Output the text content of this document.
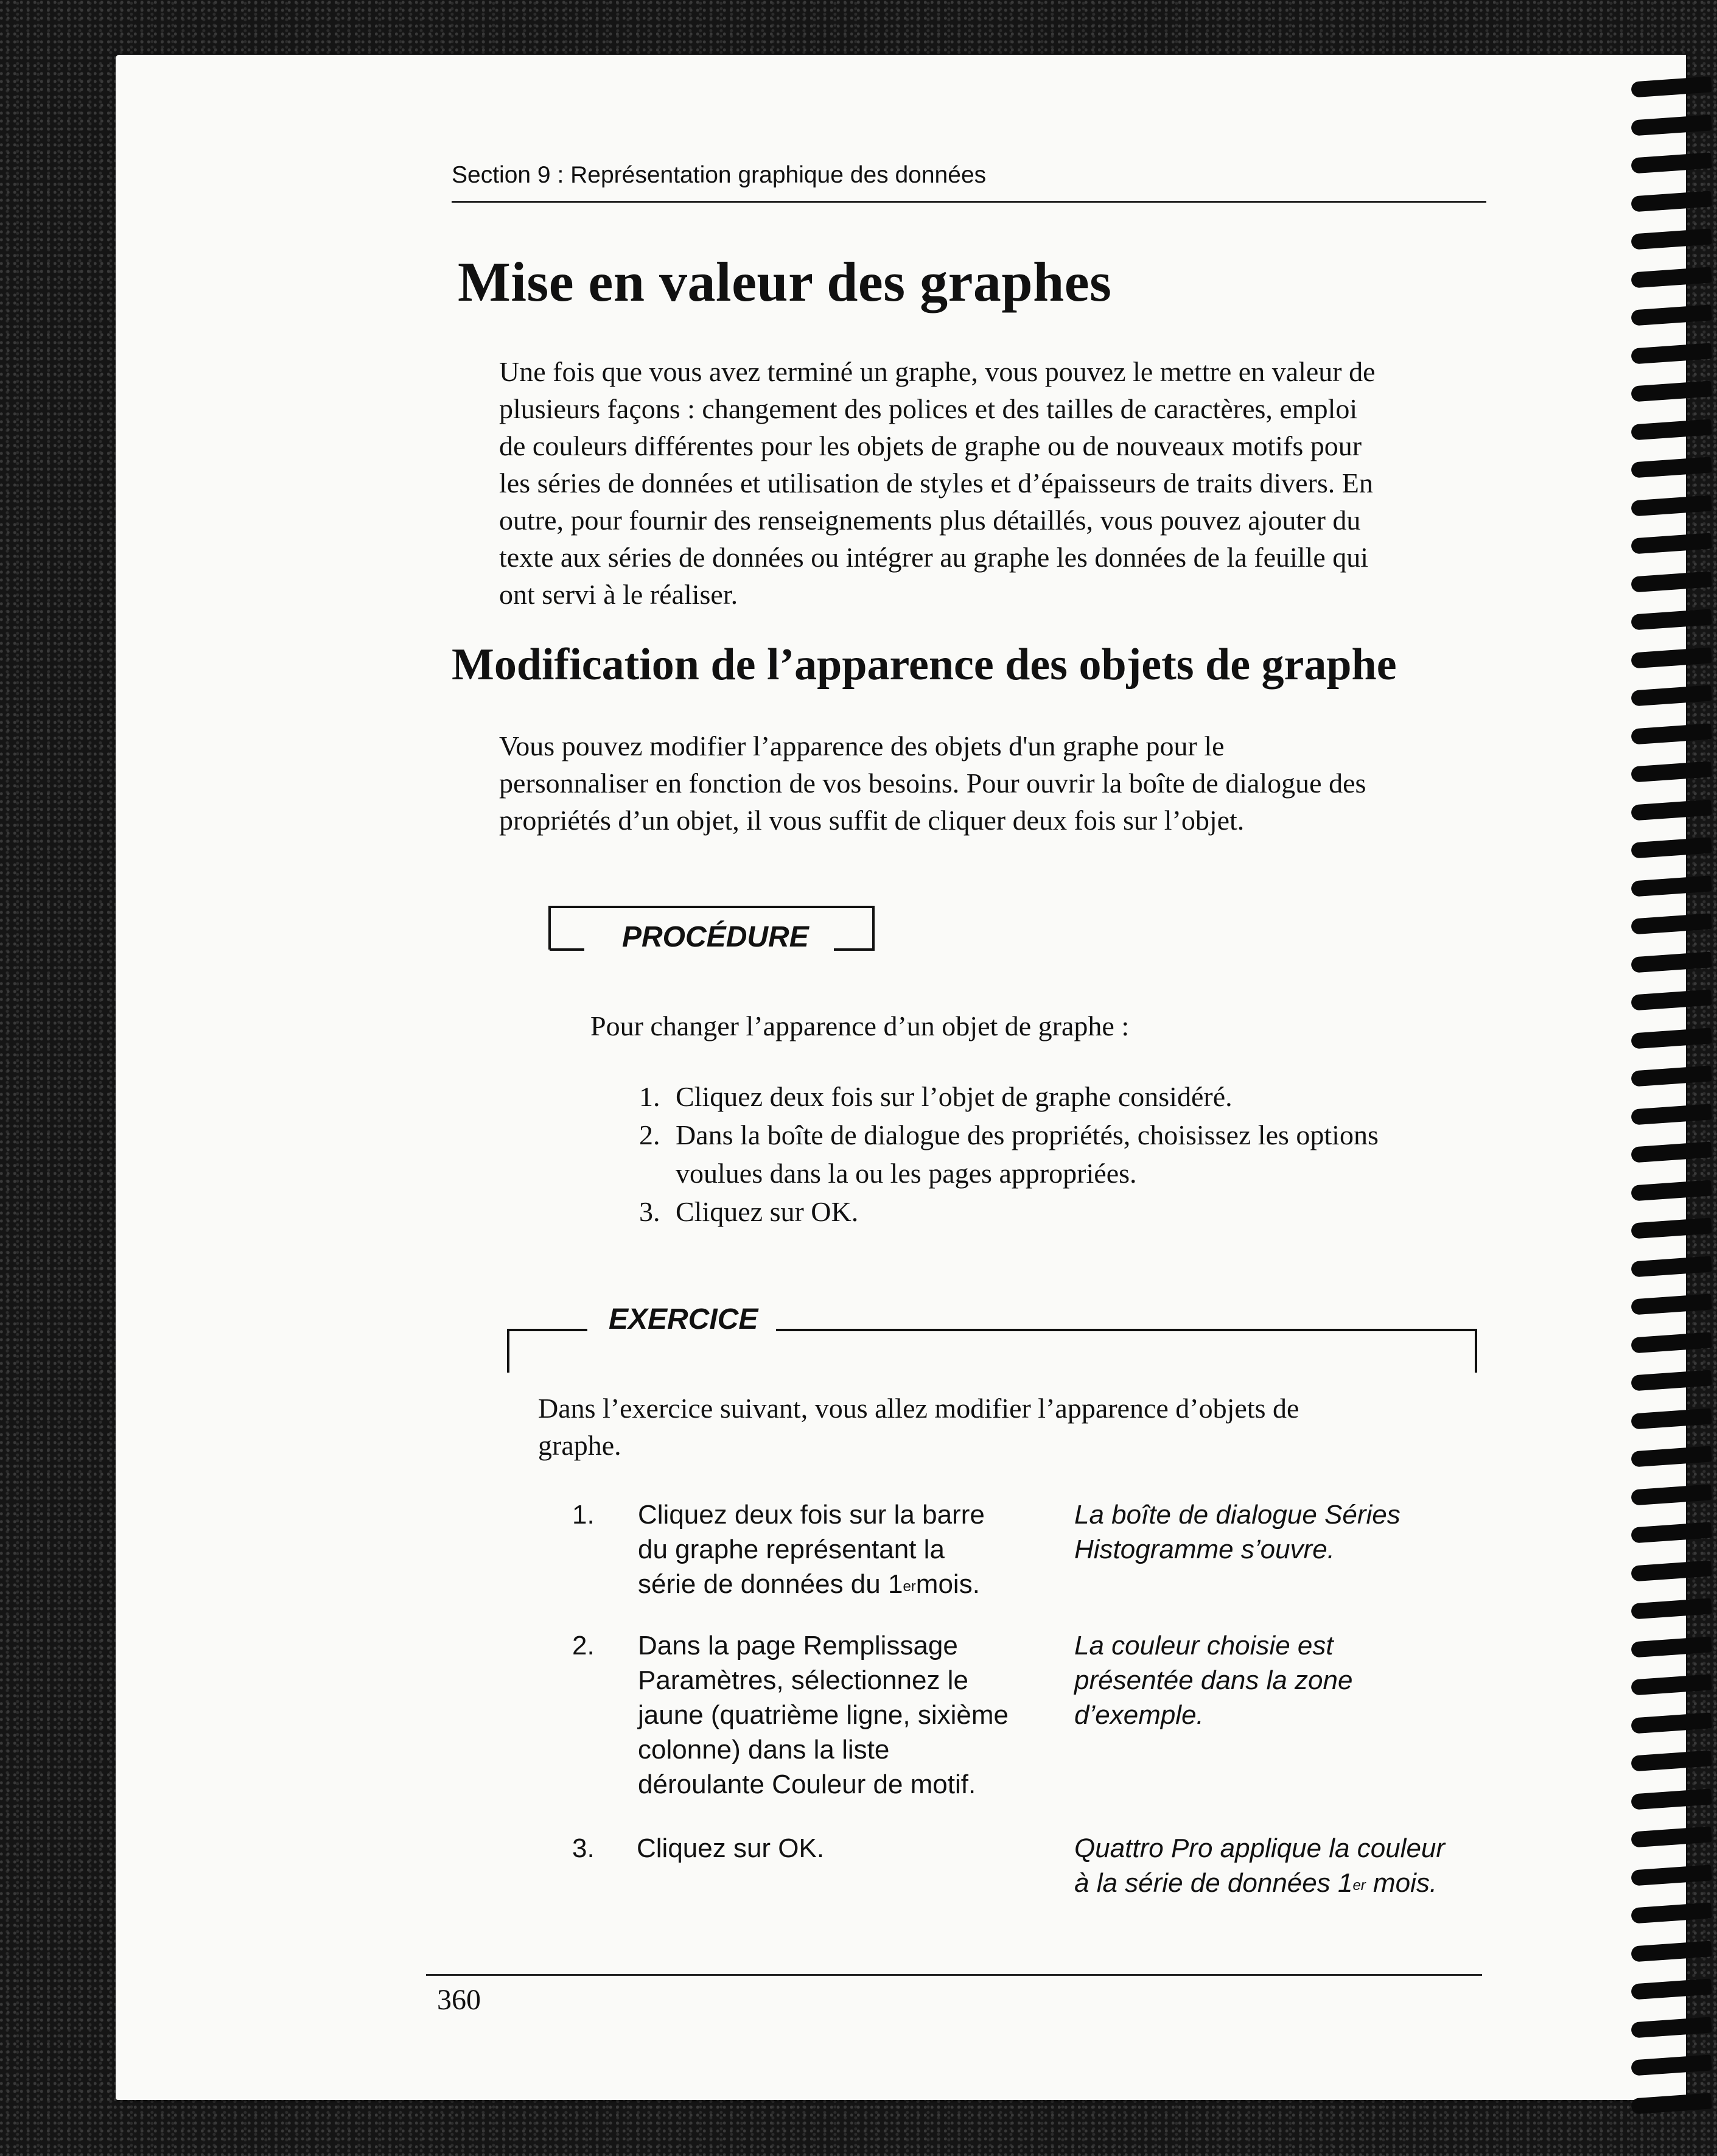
Section 9 : Représentation graphique des données
Mise en valeur des graphes
Une fois que vous avez terminé un graphe, vous pouvez le mettre en valeur de
plusieurs façons : changement des polices et des tailles de caractères, emploi
de couleurs différentes pour les objets de graphe ou de nouveaux motifs pour
les séries de données et utilisation de styles et d’épaisseurs de traits divers. En
outre, pour fournir des renseignements plus détaillés, vous pouvez ajouter du
texte aux séries de données ou intégrer au graphe les données de la feuille qui
ont servi à le réaliser.
Modification de l’apparence des objets de graphe
Vous pouvez modifier l’apparence des objets d'un graphe pour le
personnaliser en fonction de vos besoins. Pour ouvrir la boîte de dialogue des
propriétés d’un objet, il vous suffit de cliquer deux fois sur l’objet.
PROCÉDURE
Pour changer l’apparence d’un objet de graphe :
1. Cliquez deux fois sur l’objet de graphe considéré.
2. Dans la boîte de dialogue des propriétés, choisissez les options
voulues dans la ou les pages appropriées.
3. Cliquez sur OK.
EXERCICE
Dans l’exercice suivant, vous allez modifier l’apparence d’objets de
graphe.
1. Cliquez deux fois sur la barre
du graphe représentant la
série de données du 1ermois.
La boîte de dialogue Séries
Histogramme s’ouvre.
2. Dans la page Remplissage
Paramètres, sélectionnez le
jaune (quatrième ligne, sixième
colonne) dans la liste
déroulante Couleur de motif.
La couleur choisie est
présentée dans la zone
d’exemple.
3. Cliquez sur OK.	Quattro Pro applique la couleur
à la série de données 1er mois.
360
